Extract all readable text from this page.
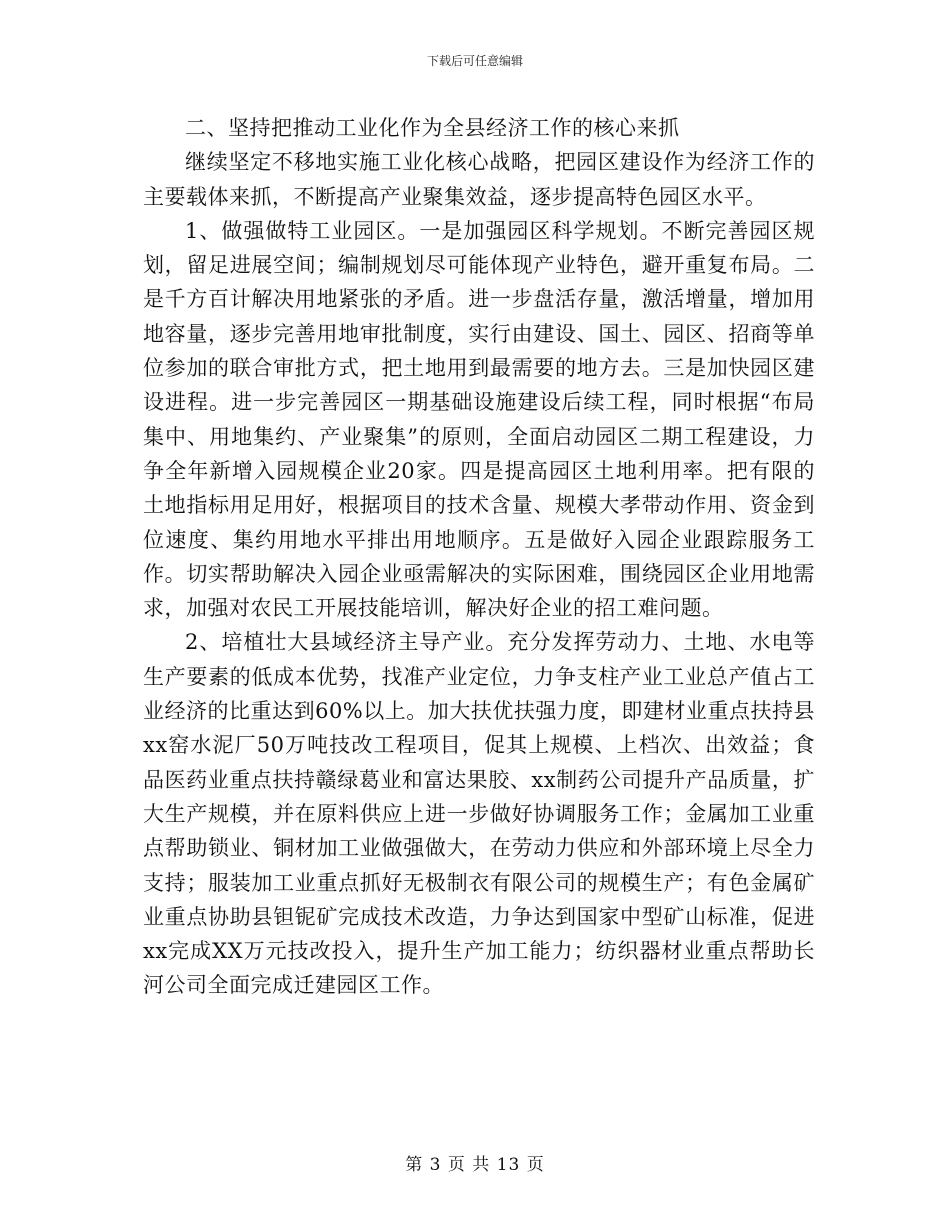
下载后可任意编辑

二、坚持把推动工业化作为全县经济工作的核心来抓

继续坚定不移地实施工业化核心战略，把园区建设作为经济工作的主要载体来抓，不断提高产业聚集效益，逐步提高特色园区水平。

1、做强做特工业园区。一是加强园区科学规划。不断完善园区规划，留足进展空间；编制规划尽可能体现产业特色，避开重复布局。二是千方百计解决用地紧张的矛盾。进一步盘活存量，激活增量，增加用地容量，逐步完善用地审批制度，实行由建设、国土、园区、招商等单位参加的联合审批方式，把土地用到最需要的地方去。三是加快园区建设进程。进一步完善园区一期基础设施建设后续工程，同时根据“布局集中、用地集约、产业聚集”的原则，全面启动园区二期工程建设，力争全年新增入园规模企业20家。四是提高园区土地利用率。把有限的土地指标用足用好，根据项目的技术含量、规模大孝带动作用、资金到位速度、集约用地水平排出用地顺序。五是做好入园企业跟踪服务工作。切实帮助解决入园企业亟需解决的实际困难，围绕园区企业用地需求，加强对农民工开展技能培训，解决好企业的招工难问题。

2、培植壮大县域经济主导产业。充分发挥劳动力、土地、水电等生产要素的低成本优势，找准产业定位，力争支柱产业工业总产值占工业经济的比重达到60%以上。加大扶优扶强力度，即建材业重点扶持县xx窑水泥厂50万吨技改工程项目，促其上规模、上档次、出效益；食品医药业重点扶持赣绿葛业和富达果胶、xx制药公司提升产品质量，扩大生产规模，并在原料供应上进一步做好协调服务工作；金属加工业重点帮助锁业、铜材加工业做强做大，在劳动力供应和外部环境上尽全力支持；服装加工业重点抓好无极制衣有限公司的规模生产；有色金属矿业重点协助县钽铌矿完成技术改造，力争达到国家中型矿山标准，促进xx完成XX万元技改投入，提升生产加工能力；纺织器材业重点帮助长河公司全面完成迁建园区工作。

第 3 页 共 13 页
